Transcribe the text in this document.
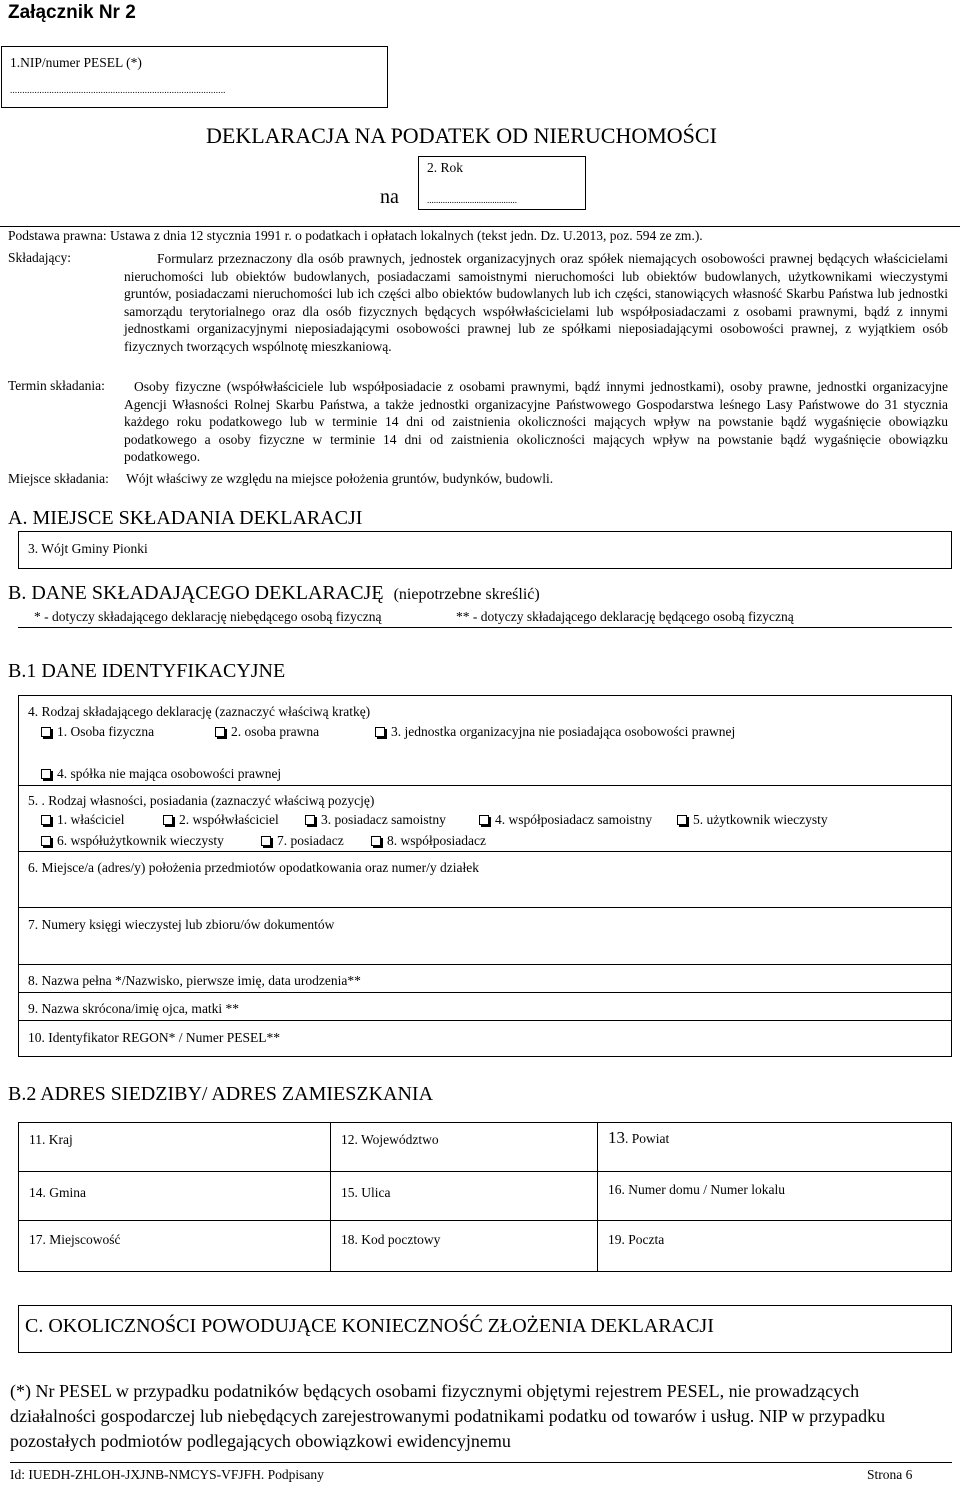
Załącznik Nr 2
1.NIP/numer PESEL (*)
........................................................................................
DEKLARACJA NA PODATEK OD NIERUCHOMOŚCI
na
2. Rok
........................................
Podstawa prawna: Ustawa z dnia 12 stycznia 1991 r. o podatkach i opłatach lokalnych (tekst jedn. Dz. U.2013, poz. 594 ze zm.).
Składający:	Formularz przeznaczony dla osób prawnych, jednostek organizacyjnych oraz spółek niemających osobowości prawnej będących właścicielami nieruchomości lub obiektów budowlanych, posiadaczami samoistnymi nieruchomości lub obiektów budowlanych, użytkownikami wieczystymi gruntów, posiadaczami nieruchomości lub ich części albo obiektów budowlanych lub ich części, stanowiących własność Skarbu Państwa lub jednostki samorządu terytorialnego oraz dla osób fizycznych będących współwłaścicielami lub współposiadaczami z osobami prawnymi, bądź z innymi jednostkami organizacyjnymi nieposiadającymi osobowości prawnej lub ze spółkami nieposiadającymi osobowości prawnej, z wyjątkiem osób fizycznych tworzących wspólnotę mieszkaniową.
Termin składania:	Osoby fizyczne (współwłaściciele lub współposiadacie z osobami prawnymi, bądź innymi jednostkami), osoby prawne, jednostki organizacyjne Agencji Własności Rolnej Skarbu Państwa, a także jednostki organizacyjne Państwowego Gospodarstwa leśnego Lasy Państwowe do 31 stycznia każdego roku podatkowego lub w terminie 14 dni od zaistnienia okoliczności mających wpływ na powstanie bądź wygaśnięcie obowiązku podatkowego a osoby fizyczne w terminie 14 dni od zaistnienia okoliczności mających wpływ na powstanie bądź wygaśnięcie obowiązku podatkowego.
Miejsce składania: Wójt właściwy ze względu na miejsce położenia gruntów, budynków, budowli.
A. MIEJSCE SKŁADANIA DEKLARACJI
3. Wójt Gminy Pionki
B. DANE SKŁADAJĄCEGO DEKLARACJĘ (niepotrzebne skreślić)
* - dotyczy składającego deklarację niebędącego osobą fizyczną	** - dotyczy składającego deklarację będącego osobą fizyczną
B.1 DANE IDENTYFIKACYJNE
4. Rodzaj składającego deklarację (zaznaczyć właściwą kratkę)
1. Osoba fizyczna	2. osoba prawna	3. jednostka organizacyjna nie posiadająca osobowości prawnej
4. spółka nie mająca osobowości prawnej
5. . Rodzaj własności, posiadania (zaznaczyć właściwą pozycję)
1. właściciel	2. współwłaściciel	3. posiadacz samoistny	4. współposiadacz samoistny	5. użytkownik wieczysty
6. współużytkownik wieczysty	7. posiadacz	8. współposiadacz
6. Miejsce/a (adres/y) położenia przedmiotów opodatkowania oraz numer/y działek
7. Numery księgi wieczystej lub zbioru/ów dokumentów
8. Nazwa pełna */Nazwisko, pierwsze imię, data urodzenia**
9. Nazwa skrócona/imię ojca, matki **
10. Identyfikator REGON* / Numer PESEL**
B.2 ADRES SIEDZIBY/ ADRES ZAMIESZKANIA
11. Kraj	12. Województwo	13. Powiat
14. Gmina	15. Ulica	16. Numer domu / Numer lokalu
17. Miejscowość	18. Kod pocztowy	19. Poczta
C. OKOLICZNOŚCI POWODUJĄCE KONIECZNOŚĆ ZŁOŻENIA DEKLARACJI
(*) Nr PESEL w przypadku podatników będących osobami fizycznymi objętymi rejestrem PESEL, nie prowadzących działalności gospodarczej lub niebędących zarejestrowanymi podatnikami podatku od towarów i usług. NIP w przypadku pozostałych podmiotów podlegających obowiązkowi ewidencyjnemu
Id: IUEDH-ZHLOH-JXJNB-NMCYS-VFJFH. Podpisany	Strona 6
